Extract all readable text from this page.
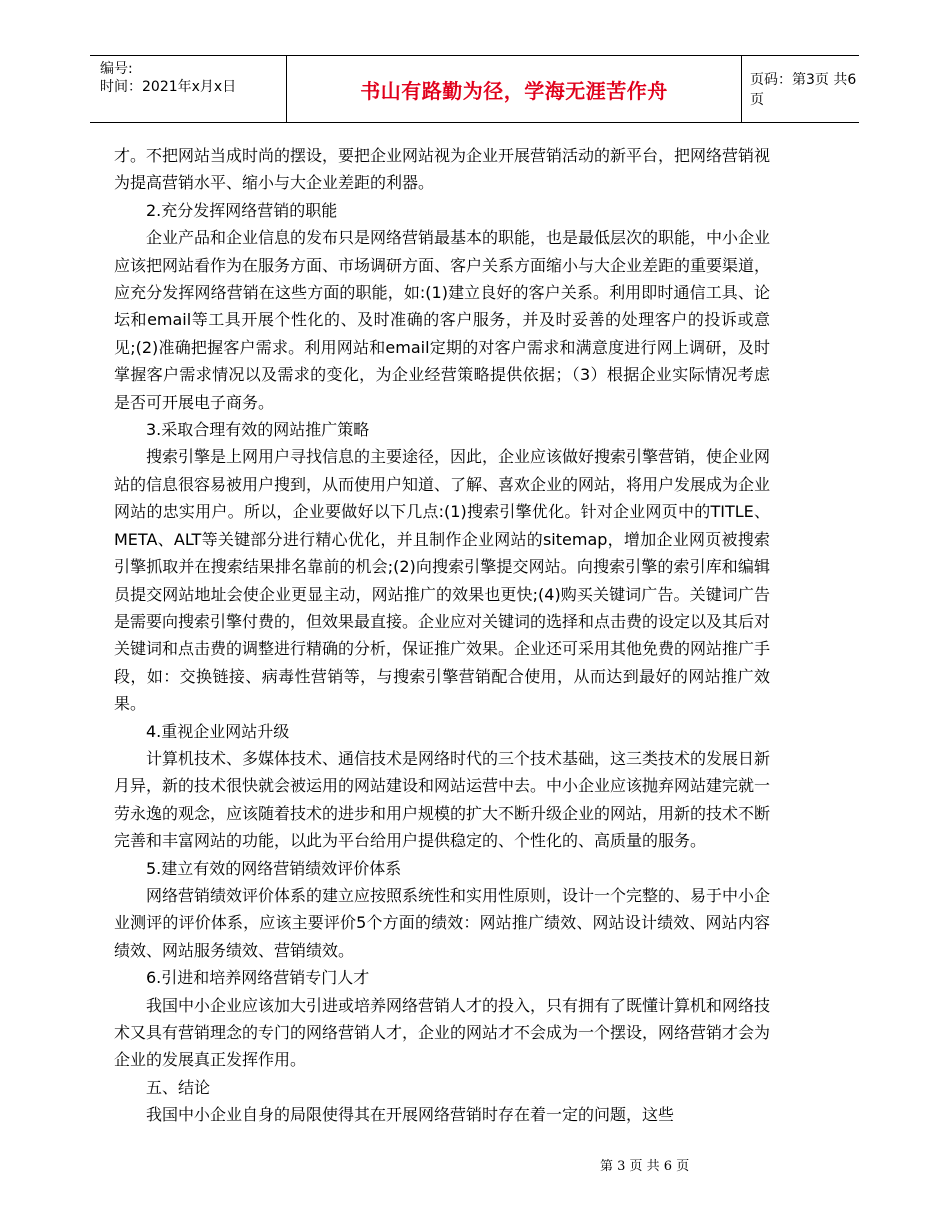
编号:
时间：2021年x月x日	书山有路勤为径，学海无涯苦作舟	页码：第3页 共6页

才。不把网站当成时尚的摆设，要把企业网站视为企业开展营销活动的新平台，把网络营销视为提高营销水平、缩小与大企业差距的利器。

2.充分发挥网络营销的职能

企业产品和企业信息的发布只是网络营销最基本的职能，也是最低层次的职能，中小企业应该把网站看作为在服务方面、市场调研方面、客户关系方面缩小与大企业差距的重要渠道，应充分发挥网络营销在这些方面的职能，如:(1)建立良好的客户关系。利用即时通信工具、论坛和email等工具开展个性化的、及时准确的客户服务，并及时妥善的处理客户的投诉或意见;(2)准确把握客户需求。利用网站和email定期的对客户需求和满意度进行网上调研，及时掌握客户需求情况以及需求的变化，为企业经营策略提供依据；（3）根据企业实际情况考虑是否可开展电子商务。

3.采取合理有效的网站推广策略

搜索引擎是上网用户寻找信息的主要途径，因此，企业应该做好搜索引擎营销，使企业网站的信息很容易被用户搜到，从而使用户知道、了解、喜欢企业的网站，将用户发展成为企业网站的忠实用户。所以，企业要做好以下几点:(1)搜索引擎优化。针对企业网页中的TITLE、META、ALT等关键部分进行精心优化，并且制作企业网站的sitemap，增加企业网页被搜索引擎抓取并在搜索结果排名靠前的机会;(2)向搜索引擎提交网站。向搜索引擎的索引库和编辑员提交网站地址会使企业更显主动，网站推广的效果也更快;(4)购买关键词广告。关键词广告是需要向搜索引擎付费的，但效果最直接。企业应对关键词的选择和点击费的设定以及其后对关键词和点击费的调整进行精确的分析，保证推广效果。企业还可采用其他免费的网站推广手段，如：交换链接、病毒性营销等，与搜索引擎营销配合使用，从而达到最好的网站推广效果。

4.重视企业网站升级

计算机技术、多媒体技术、通信技术是网络时代的三个技术基础，这三类技术的发展日新月异，新的技术很快就会被运用的网站建设和网站运营中去。中小企业应该抛弃网站建完就一劳永逸的观念，应该随着技术的进步和用户规模的扩大不断升级企业的网站，用新的技术不断完善和丰富网站的功能，以此为平台给用户提供稳定的、个性化的、高质量的服务。

5.建立有效的网络营销绩效评价体系

网络营销绩效评价体系的建立应按照系统性和实用性原则，设计一个完整的、易于中小企业测评的评价体系，应该主要评价5个方面的绩效：网站推广绩效、网站设计绩效、网站内容绩效、网站服务绩效、营销绩效。

6.引进和培养网络营销专门人才

我国中小企业应该加大引进或培养网络营销人才的投入，只有拥有了既懂计算机和网络技术又具有营销理念的专门的网络营销人才，企业的网站才不会成为一个摆设，网络营销才会为企业的发展真正发挥作用。

五、结论

我国中小企业自身的局限使得其在开展网络营销时存在着一定的问题，这些

第 3 页 共 6 页
